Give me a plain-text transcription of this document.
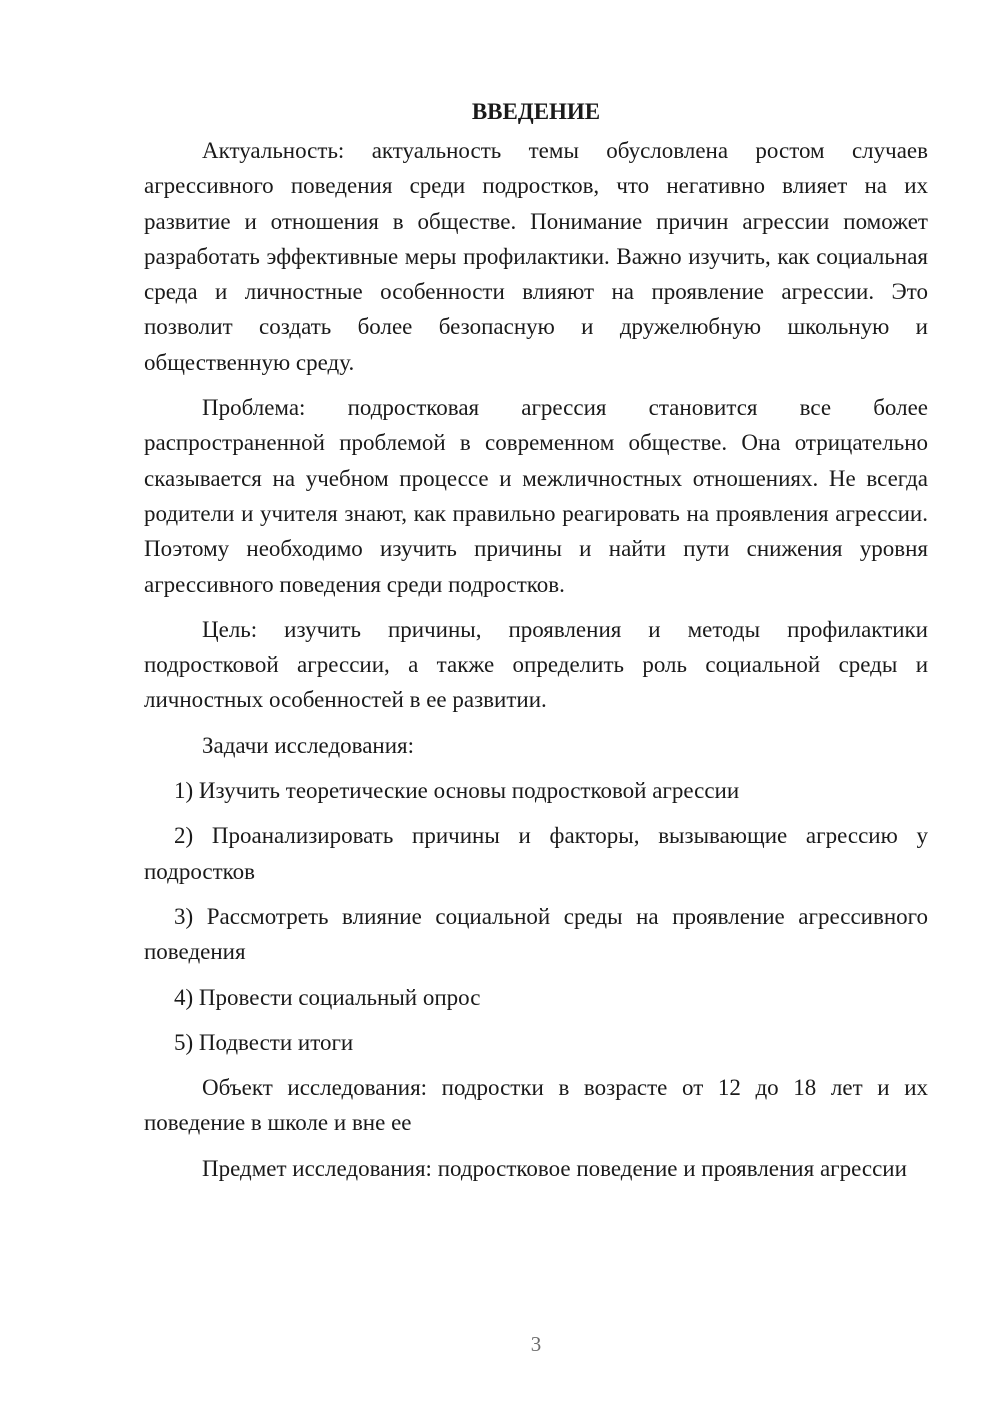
ВВЕДЕНИЕ

Актуальность: актуальность темы обусловлена ростом случаев агрессивного поведения среди подростков, что негативно влияет на их развитие и отношения в обществе. Понимание причин агрессии поможет разработать эффективные меры профилактики. Важно изучить, как социальная среда и личностные особенности влияют на проявление агрессии. Это позволит создать более безопасную и дружелюбную школьную и общественную среду.

Проблема: подростковая агрессия становится все более распространенной проблемой в современном обществе. Она отрицательно сказывается на учебном процессе и межличностных отношениях. Не всегда родители и учителя знают, как правильно реагировать на проявления агрессии. Поэтому необходимо изучить причины и найти пути снижения уровня агрессивного поведения среди подростков.

Цель: изучить причины, проявления и методы профилактики подростковой агрессии, а также определить роль социальной среды и личностных особенностей в ее развитии.

Задачи исследования:

1) Изучить теоретические основы подростковой агрессии

2) Проанализировать причины и факторы, вызывающие агрессию у подростков

3) Рассмотреть влияние социальной среды на проявление агрессивного поведения

4) Провести социальный опрос

5) Подвести итоги

Объект исследования: подростки в возрасте от 12 до 18 лет и их поведение в школе и вне ее

Предмет исследования: подростковое поведение и проявления агрессии

3
